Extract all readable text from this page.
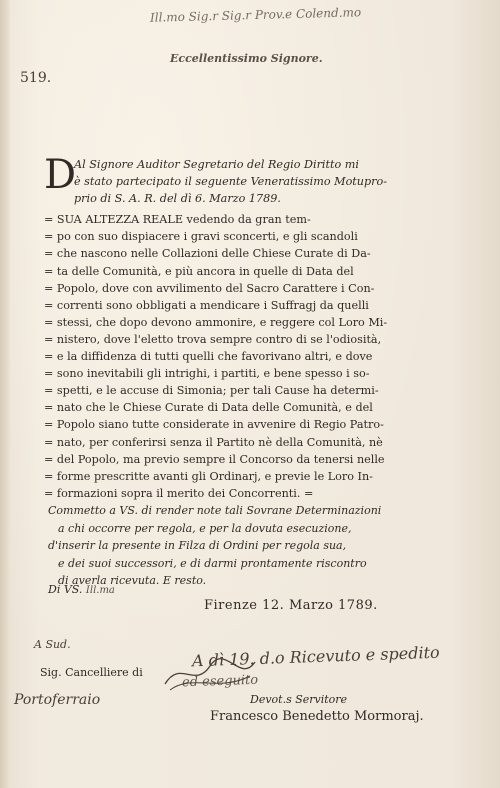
Ill.mo Sig.r Sig.r Prov.e Colend.mo
Eccellentissimo Signore.
519.
D
Al Signore Auditor Segretario del Regio Diritto mi
è stato partecipato il seguente Veneratissimo Motupro-
prio di S. A. R. del dì 6. Marzo 1789.
= SUA ALTEZZA REALE vedendo da gran tem-
= po con suo dispiacere i gravi sconcerti, e gli scandoli
= che nascono nelle Collazioni delle Chiese Curate di Da-
= ta delle Comunità, e più ancora in quelle di Data del
= Popolo, dove con avvilimento del Sacro Carattere i Con-
= correnti sono obbligati a mendicare i Suffragj da quelli
= stessi, che dopo devono ammonire, e reggere col Loro Mi-
= nistero, dove l'eletto trova sempre contro di se l'odiosità,
= e la diffidenza di tutti quelli che favorivano altri, e dove
= sono inevitabili gli intrighi, i partiti, e bene spesso i so-
= spetti, e le accuse di Simonia; per tali Cause ha determi-
= nato che le Chiese Curate di Data delle Comunità, e del
= Popolo siano tutte considerate in avvenire di Regio Patro-
= nato, per conferirsi senza il Partito nè della Comunità, nè
= del Popolo, ma previo sempre il Concorso da tenersi nelle
= forme prescritte avanti gli Ordinarj, e previe le Loro In-
= formazioni sopra il merito dei Concorrenti. =
Commetto a VS. di render note tali Sovrane Determinazioni
a chi occorre per regola, e per la dovuta esecuzione,
d'inserir la presente in Filza di Ordini per regola sua,
e dei suoi successori, e di darmi prontamente riscontro
di averla ricevuta. E resto.
Di VS. Ill.ma
Firenze 12. Marzo 1789.
A Sud.
Sig. Cancelliere di
Portoferraio
A dì 19. d.o Ricevuto e spedito
ed eseguito
Devot.s Servitore
Francesco Benedetto Mormoraj.
